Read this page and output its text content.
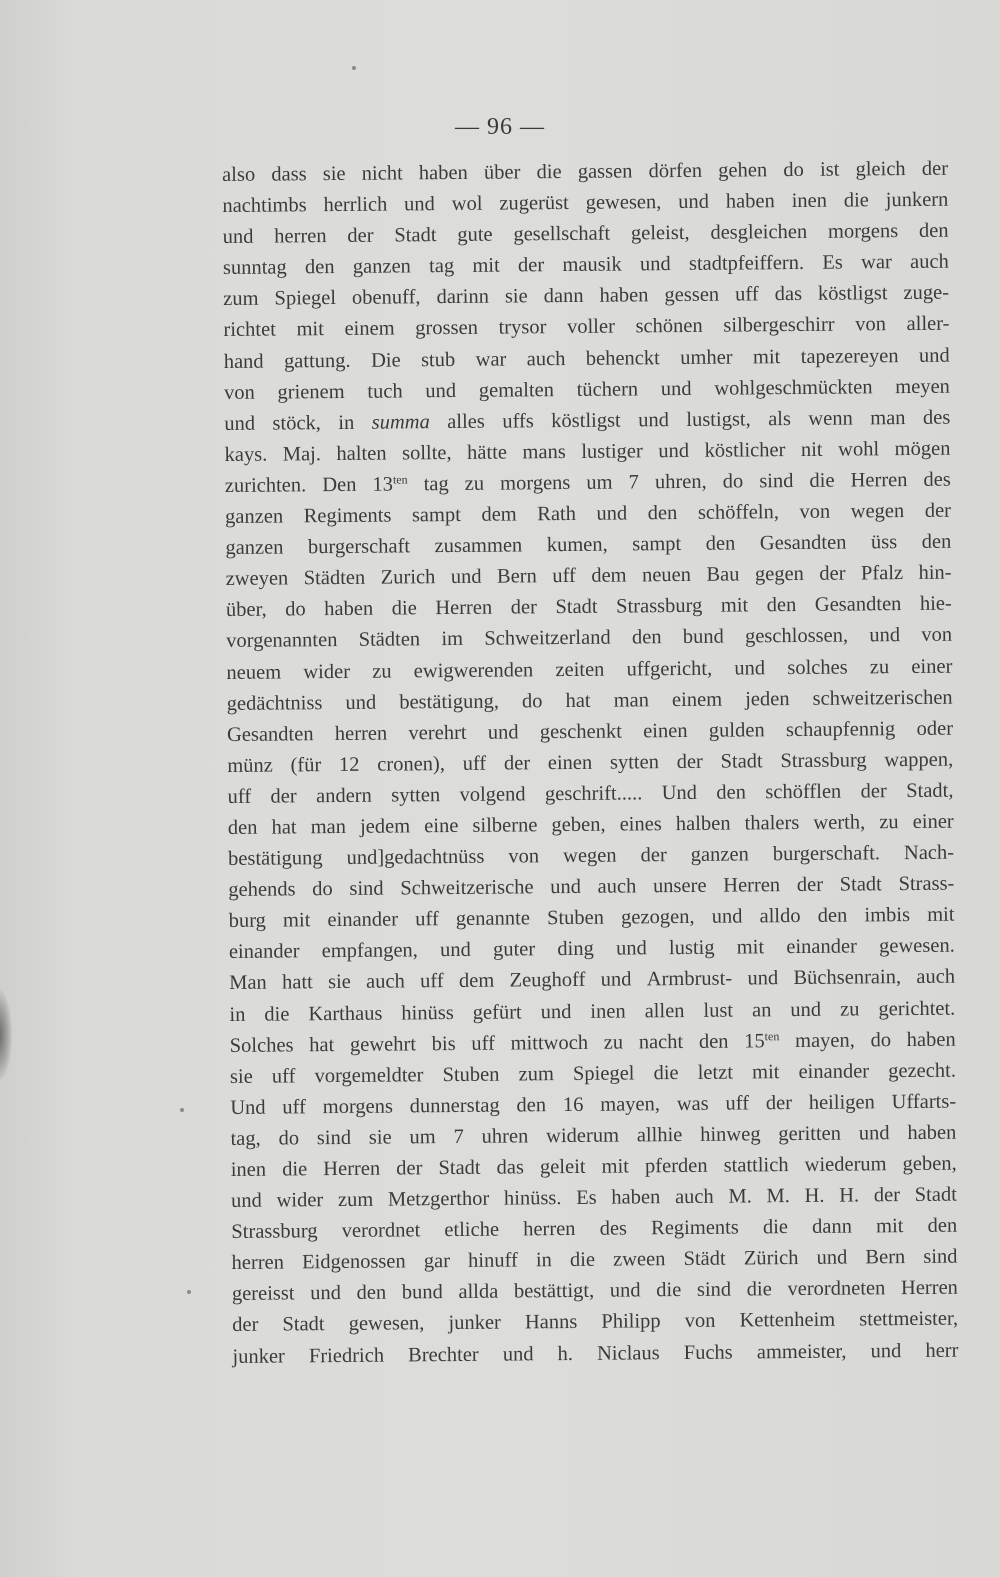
— 96 —
also dass sie nicht haben über die gassen dörfen gehen do ist gleich der
nachtimbs herrlich und wol zugerüst gewesen, und haben inen die junkern
und herren der Stadt gute gesellschaft geleist, desgleichen morgens den
sunntag den ganzen tag mit der mausik und stadtpfeiffern. Es war auch
zum Spiegel obenuff, darinn sie dann haben gessen uff das köstligst zuge-
richtet mit einem grossen trysor voller schönen silbergeschirr von aller-
hand gattung. Die stub war auch behenckt umher mit tapezereyen und
von grienem tuch und gemalten tüchern und wohlgeschmückten meyen
und stöck, in summa alles uffs köstligst und lustigst, als wenn man des
kays. Maj. halten sollte, hätte mans lustiger und köstlicher nit wohl mögen
zurichten. Den $13^{ten}$ tag zu morgens um 7 uhren, do sind die Herren des
ganzen Regiments sampt dem Rath und den schöffeln, von wegen der
ganzen burgerschaft zusammen kumen, sampt den Gesandten üss den
zweyen Städten Zurich und Bern uff dem neuen Bau gegen der Pfalz hin-
über, do haben die Herren der Stadt Strassburg mit den Gesandten hie-
vorgenannten Städten im Schweitzerland den bund geschlossen, und von
neuem wider zu ewigwerenden zeiten uffgericht, und solches zu einer
gedächtniss und bestätigung, do hat man einem jeden schweitzerischen
Gesandten herren verehrt und geschenkt einen gulden schaupfennig oder
münz (für 12 cronen), uff der einen sytten der Stadt Strassburg wappen,
uff der andern sytten volgend geschrift..... Und den schöfflen der Stadt,
den hat man jedem eine silberne geben, eines halben thalers werth, zu einer
bestätigung und]gedachtnüss von wegen der ganzen burgerschaft. Nach-
gehends do sind Schweitzerische und auch unsere Herren der Stadt Strass-
burg mit einander uff genannte Stuben gezogen, und alldo den imbis mit
einander empfangen, und guter ding und lustig mit einander gewesen.
Man hatt sie auch uff dem Zeughoff und Armbrust- und Büchsenrain, auch
in die Karthaus hinüss gefürt und inen allen lust an und zu gerichtet.
Solches hat gewehrt bis uff mittwoch zu nacht den $15^{ten}$ mayen, do haben
sie uff vorgemeldter Stuben zum Spiegel die letzt mit einander gezecht.
Und uff morgens dunnerstag den 16 mayen, was uff der heiligen Uffarts-
tag, do sind sie um 7 uhren widerum allhie hinweg geritten und haben
inen die Herren der Stadt das geleit mit pferden stattlich wiederum geben,
und wider zum Metzgerthor hinüss. Es haben auch M. M. H. H. der Stadt
Strassburg verordnet etliche herren des Regiments die dann mit den
herren Eidgenossen gar hinuff in die zween Städt Zürich und Bern sind
gereisst und den bund allda bestättigt, und die sind die verordneten Herren
der Stadt gewesen, junker Hanns Philipp von Kettenheim stettmeister,
junker Friedrich Brechter und h. Niclaus Fuchs ammeister, und herr
